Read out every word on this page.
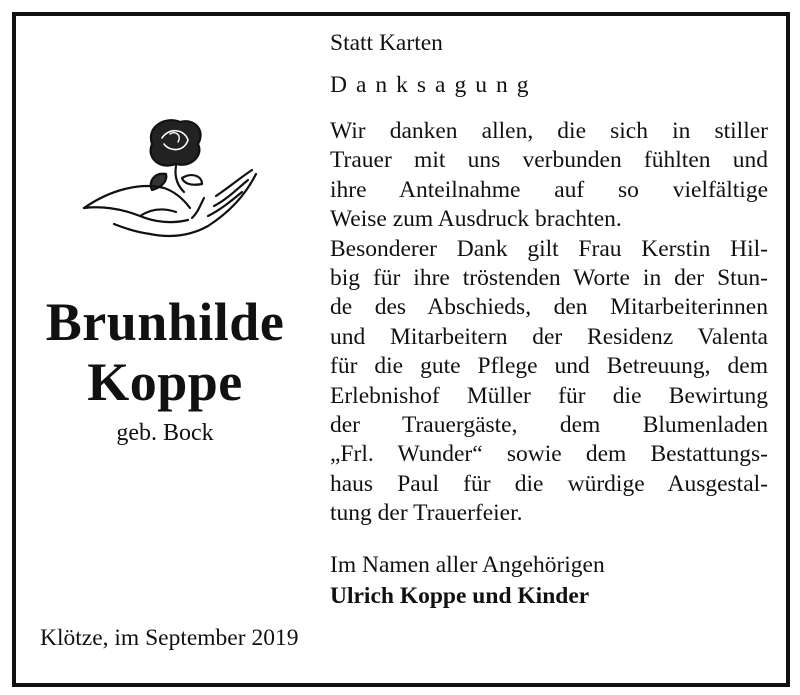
Brunhilde
Koppe
geb. Bock
Statt Karten
Danksagung
Wir danken allen, die sich in stiller
Trauer mit uns verbunden fühlten und
ihre Anteilnahme auf so vielfältige
Weise zum Ausdruck brachten.
Besonderer Dank gilt Frau Kerstin Hil-
big für ihre tröstenden Worte in der Stun-
de des Abschieds, den Mitarbeiterinnen
und Mitarbeitern der Residenz Valenta
für die gute Pflege und Betreuung, dem
Erlebnishof Müller für die Bewirtung
der Trauergäste, dem Blumenladen
„Frl. Wunder“ sowie dem Bestattungs-
haus Paul für die würdige Ausgestal-
tung der Trauerfeier.
Im Namen aller Angehörigen
Ulrich Koppe und Kinder
Klötze, im September 2019
